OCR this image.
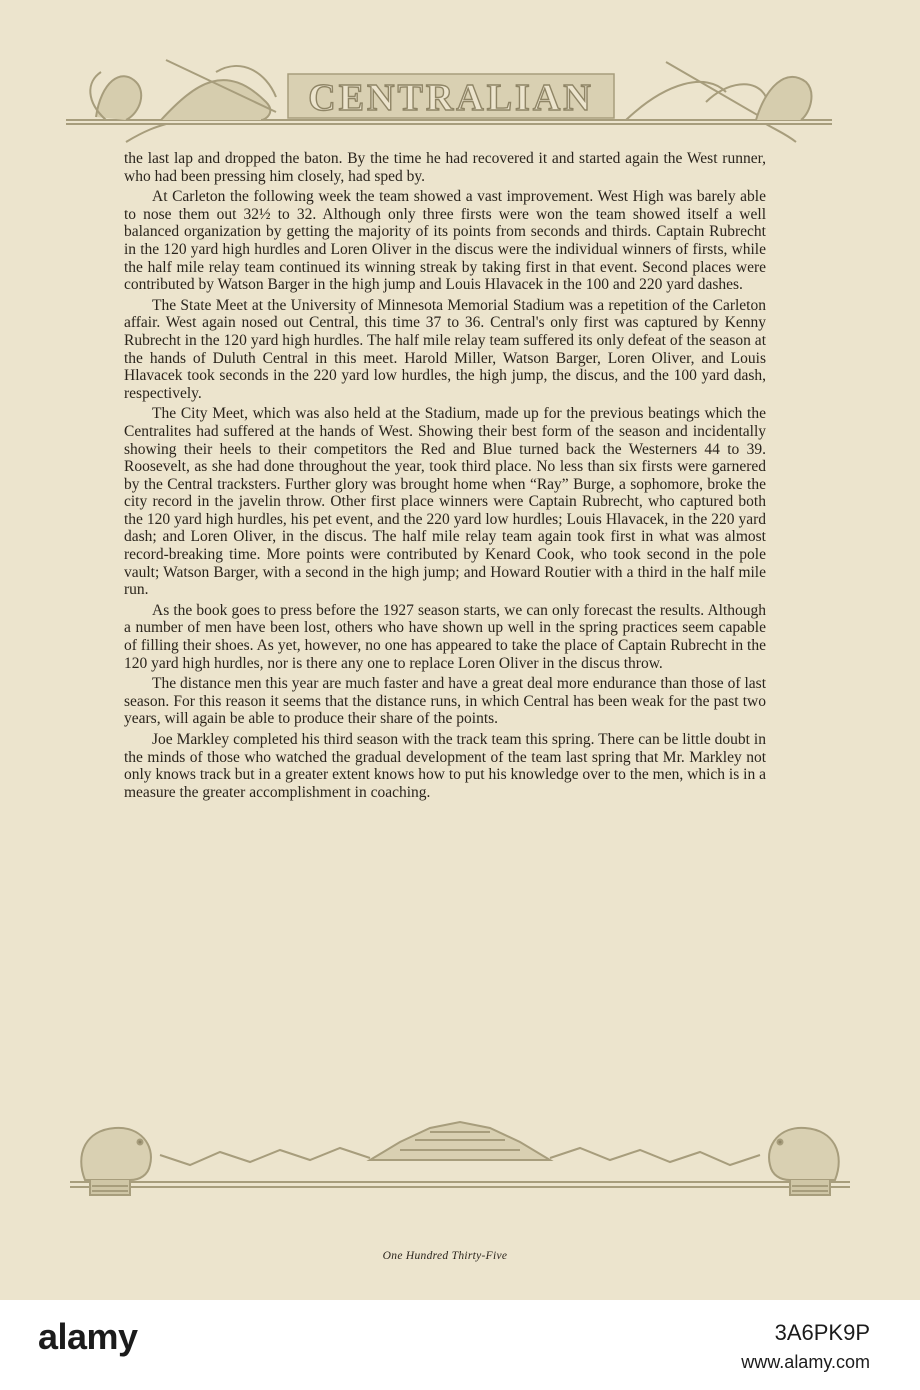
CENTRALIAN

the last lap and dropped the baton. By the time he had recovered it and started again the West runner, who had been pressing him closely, had sped by.

At Carleton the following week the team showed a vast improvement. West High was barely able to nose them out 32½ to 32. Although only three firsts were won the team showed itself a well balanced organization by getting the majority of its points from seconds and thirds. Captain Rubrecht in the 120 yard high hurdles and Loren Oliver in the discus were the individual winners of firsts, while the half mile relay team continued its winning streak by taking first in that event. Second places were contributed by Watson Barger in the high jump and Louis Hlavacek in the 100 and 220 yard dashes.

The State Meet at the University of Minnesota Memorial Stadium was a repetition of the Carleton affair. West again nosed out Central, this time 37 to 36. Central's only first was captured by Kenny Rubrecht in the 120 yard high hurdles. The half mile relay team suffered its only defeat of the season at the hands of Duluth Central in this meet. Harold Miller, Watson Barger, Loren Oliver, and Louis Hlavacek took seconds in the 220 yard low hurdles, the high jump, the discus, and the 100 yard dash, respectively.

The City Meet, which was also held at the Stadium, made up for the previous beatings which the Centralites had suffered at the hands of West. Showing their best form of the season and incidentally showing their heels to their competitors the Red and Blue turned back the Westerners 44 to 39. Roosevelt, as she had done throughout the year, took third place. No less than six firsts were garnered by the Central tracksters. Further glory was brought home when “Ray” Burge, a sophomore, broke the city record in the javelin throw. Other first place winners were Captain Rubrecht, who captured both the 120 yard high hurdles, his pet event, and the 220 yard low hurdles; Louis Hlavacek, in the 220 yard dash; and Loren Oliver, in the discus. The half mile relay team again took first in what was almost record-breaking time. More points were contributed by Kenard Cook, who took second in the pole vault; Watson Barger, with a second in the high jump; and Howard Routier with a third in the half mile run.

As the book goes to press before the 1927 season starts, we can only forecast the results. Although a number of men have been lost, others who have shown up well in the spring practices seem capable of filling their shoes. As yet, however, no one has appeared to take the place of Captain Rubrecht in the 120 yard high hurdles, nor is there any one to replace Loren Oliver in the discus throw.

The distance men this year are much faster and have a great deal more endurance than those of last season. For this reason it seems that the distance runs, in which Central has been weak for the past two years, will again be able to produce their share of the points.

Joe Markley completed his third season with the track team this spring. There can be little doubt in the minds of those who watched the gradual development of the team last spring that Mr. Markley not only knows track but in a greater extent knows how to put his knowledge over to the men, which is in a measure the greater accomplishment in coaching.

One Hundred Thirty-Five
alamy	3A6PK9P
www.alamy.com
